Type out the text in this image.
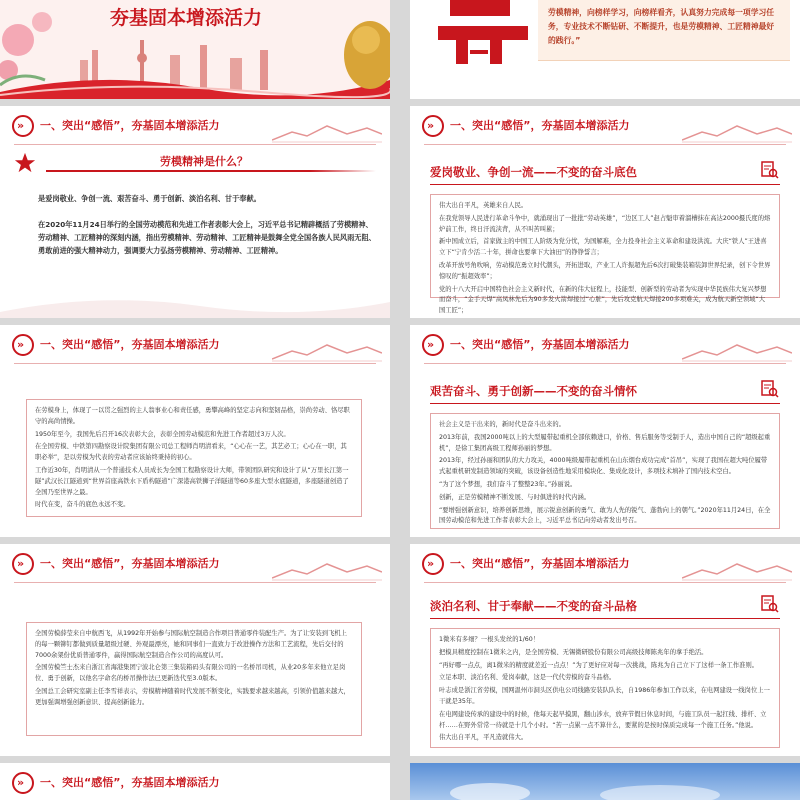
夯基固本增添活力	劳模精神，向榜样学习，向榜样看齐，认真努力完成每一项学习任务，专业技术不断钻研、不断提升，也是劳模精神、工匠精神最好的践行。”
» 一、突出“感悟”，夯基固本增添活力
劳模精神是什么？
是爱岗敬业、争创一流、艰苦奋斗、勇于创新、淡泊名利、甘于奉献。
在2020年11月24日举行的全国劳动模范和先进工作者表彰大会上，习近平总书记精辟概括了劳模精神、劳动精神、工匠精神的深刻内涵，指出劳模精神、劳动精神、工匠精神是鼓舞全党全国各族人民风雨无阻、勇敢前进的强大精神动力，强调要大力弘扬劳模精神、劳动精神、工匠精神。
» 一、突出“感悟”，夯基固本增添活力
爱岗敬业、争创一流——不变的奋斗底色

伟大出自平凡，英雄来自人民。

在我党领导人民进行革命斗争中，就涌现出了一批批“劳动英雄”，“边区工人”赵占魁审着溜槽抹在高达2000摄氏度的熔炉前工作，终日汗流浃背，从不叫苦叫累；

新中国成立后，首家做主的中国工人阶级为党分忧，为国解难，全力投身社会主义革命和建设洪流。大庆“铁人”王进喜立下“宁肯少活二十年，拼命也要拿下大油田”的铮铮誓言；

改革开放号角吹响，劳动模范勇立时代潮头，开拓进取，产业工人许振超先后6次打破集装箱装卸世界纪录，创下令世界惊叹的“振超效率”；

党的十八大开启中国特色社会主义新时代，在新的伟大征程上，技能型、创新型的劳动者为实现中华民族伟大复兴梦想而奋斗，“金手天焊”高凤林先后为90多发火箭焊接过“心脏”，先后攻克航天焊接200多项难关，成为航天新空领域“大国工匠”；

» 一、突出“感悟”，夯基固本增添活力

在劳模身上，体现了一以贯之强烈的主人翁事业心和责任感，勇攀高峰的坚定志向和坚韧品格，崇尚劳动、恪尽职守的高尚情操。

1950年至今，我国先后召开16次表彰大会，表彰全国劳动模范和先进工作者超过3万人次。

在全国劳模、中铁第四勘察设计院集团有限公司总工程师肖明清看来，“心心在一艺，其艺必工；心心在一职，其职必举”，是以劳模为代表的劳动者应该始终秉持的初心。

工作近30年，肖明清从一个普通技术人员成长为全国工程勘察设计大师，带领团队研究和设计了从“万里长江第一隧”武汉长江隧道到“世界首座高铁水下盾构隧道”广深港高铁狮子洋隧道等60多座大型水底隧道，多座隧道创造了全国乃至世界之最。

时代在变，奋斗的底色永远不变。

» 一、突出“感悟”，夯基固本增添活力
艰苦奋斗、勇于创新——不变的奋斗情怀

社会主义是干出来的，新时代是奋斗出来的。

2013年前，我国2000吨以上的大型履带起重机全部依赖进口，价格、售后服务等受制于人，造出中国自己的“超级起重机”，是徐工集团高级工程师孙丽的梦想。

2013年，经过孙丽和团队的大力攻关，4000吨级履带起重机在山东烟台成功完成“首吊”，实现了我国在超大吨位履带式起重机研发制造领域的突破，该设备创造性地采用模块化、集成化设计，多项技术填补了国内技术空白。

“为了这个梦想，我们奋斗了整整23年。”孙丽说。

创新，正是劳模精神不断发展、与时俱进的时代内涵。

“要增强创新意识，培养创新思维，展示锐意创新的勇气、敢为人先的锐气、蓬勃向上的朝气。”2020年11月24日，在全国劳动模范和先进工作者表彰大会上，习近平总书记向劳动者发出号召。

» 一、突出“感悟”，夯基固本增添活力

全国劳模薛莹来自中航西飞，从1992年开始参与国际航空制造合作项目普通零件装配生产。为了让安装到飞机上的每一颗铆钉都做到质量超级过硬、外观最漂亮，她和同事们一直致力于改进操作方法和工艺流程，先后交付的7000余架份优质普通零件，赢得国际航空制造合作公司的高度认可。

全国劳模竺士杰来自浙江省海港集团宁波北仑第三集装箱码头有限公司的一名桥吊司机，从业20多年来他立足岗位、勇于创新，以他名字命名的桥吊操作法已更新迭代至3.0版本。

全国总工会研究室副主任李雪祥表示，劳模精神随着时代发展不断变化，实践要求越来越高，引领价值越来越大，更加强调增强创新意识、提高创新能力。

» 一、突出“感悟”，夯基固本增添活力
淡泊名利、甘于奉献——不变的奋斗品格

1微米有多细？一根头发丝的1/60！

把模具精度控制在1微米之内，是全国劳模、无锡微研股份有限公司高级技师陈兆年的拿手绝活。

“再好哪一点点，离1微米的精度就差近一点点！”为了更好应对每一次挑战，陈兆为自己立下了这样一条工作准则。

立足本职、淡泊名利、爱岗奉献，这是一代代劳模的奋斗品格。

叶志成是浙江省劳模，国网温州市洞头区供电公司线路安装队队长，自1986年参加工作以来，在电网建设一线岗位上一干就是35年。

在电网建设传承的建设中的时候，他每天起早摸黑，翻山涉水，放弃节假日休息时间，与施工队员一起扛线、排杆、立杆……在野外常常一待就是十几个小时。“苦一点累一点不算什么，要紧的是按时保质完成每一个施工任务。”他说。

伟大出自平凡，平凡造就伟大。

» 一、突出“感悟”，夯基固本增添活力
